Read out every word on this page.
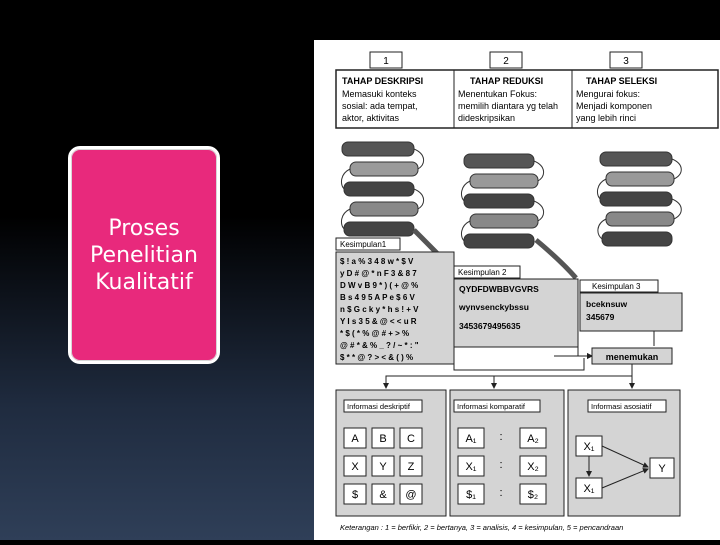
Proses Penelitian Kualitatif
1	2	3
TAHAP DESKRIPSI
Memasuki konteks
sosial: ada tempat,
aktor, aktivitas
TAHAP REDUKSI
Menentukan Fokus:
memilih diantara yg telah
dideskripsikan
TAHAP SELEKSI
Mengurai fokus:
Menjadi komponen
yang lebih rinci
Kesimpulan1
$ ! a % 3 4 8 w * $ V
y D # @ * n F 3 & 8 7
D W v B 9 * ) ( + @ %
B s 4 9 5 A P e $ 6 V
n $ G c k y * h s ! + V
Y I s 3 5 & @ < < u R
* $ ( * % @ # + > %
@ # * & % _ ? / ~ * : "
$ * * @ ? > < & ( ) %
Kesimpulan 2
QYDFDWBBVGVRS
wynvsenckybssu
3453679495635
Kesimpulan 3
bceknsuw
345679
menemukan
Informasi deskriptif	Informasi komparatif	Informasi asosiatif
A B C
X Y Z
$ & @
A₁ : A₂
X₁ : X₂
$₁ : $₂
X₁
X₁
Y
Keterangan : 1 = berfikir, 2 = bertanya, 3 = analisis, 4 = kesimpulan, 5 = pencandraan
